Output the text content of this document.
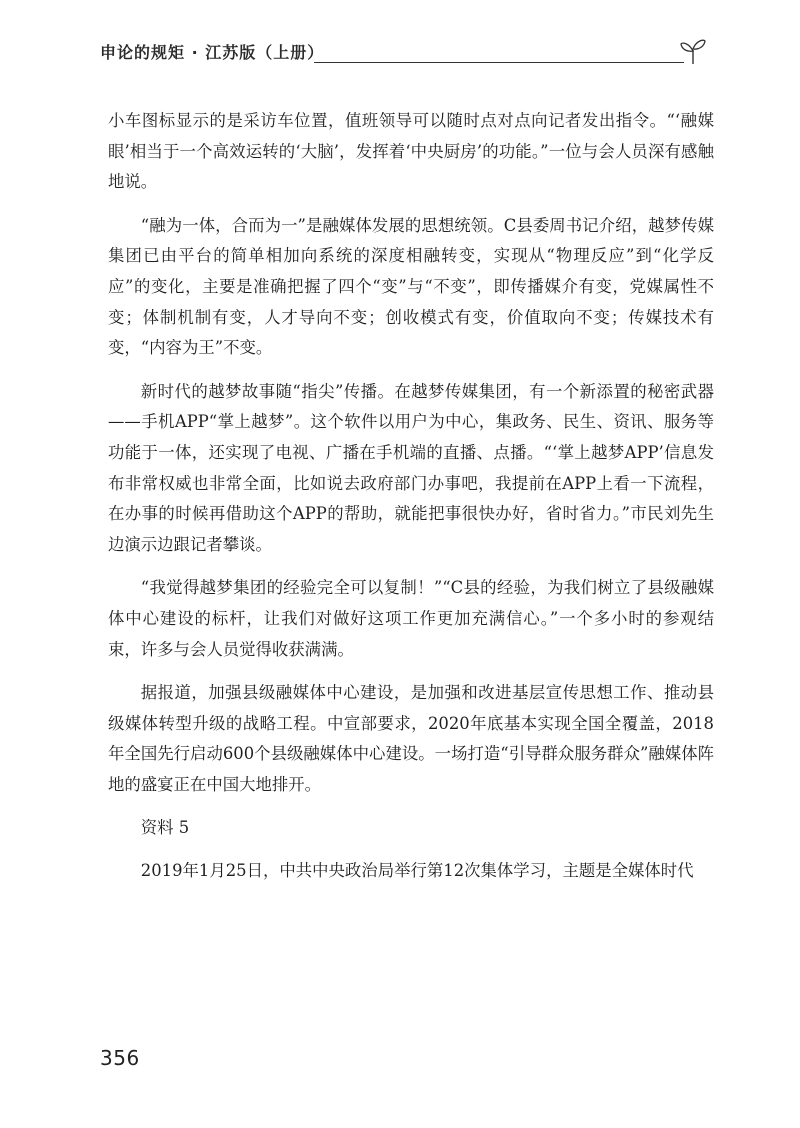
申论的规矩 · 江苏版（上册）

小车图标显示的是采访车位置，值班领导可以随时点对点向记者发出指令。“‘融媒眼’相当于一个高效运转的‘大脑’，发挥着‘中央厨房’的功能。”一位与会人员深有感触地说。

“融为一体，合而为一”是融媒体发展的思想统领。C县委周书记介绍，越梦传媒集团已由平台的简单相加向系统的深度相融转变，实现从“物理反应”到“化学反应”的变化，主要是准确把握了四个“变”与“不变”，即传播媒介有变，党媒属性不变；体制机制有变，人才导向不变；创收模式有变，价值取向不变；传媒技术有变，“内容为王”不变。

新时代的越梦故事随“指尖”传播。在越梦传媒集团，有一个新添置的秘密武器——手机APP“掌上越梦”。这个软件以用户为中心，集政务、民生、资讯、服务等功能于一体，还实现了电视、广播在手机端的直播、点播。“‘掌上越梦APP’信息发布非常权威也非常全面，比如说去政府部门办事吧，我提前在APP上看一下流程，在办事的时候再借助这个APP的帮助，就能把事很快办好，省时省力。”市民刘先生边演示边跟记者攀谈。

“我觉得越梦集团的经验完全可以复制！”“C县的经验，为我们树立了县级融媒体中心建设的标杆，让我们对做好这项工作更加充满信心。”一个多小时的参观结束，许多与会人员觉得收获满满。

据报道，加强县级融媒体中心建设，是加强和改进基层宣传思想工作、推动县级媒体转型升级的战略工程。中宣部要求，2020年底基本实现全国全覆盖，2018年全国先行启动600个县级融媒体中心建设。一场打造“引导群众服务群众”融媒体阵地的盛宴正在中国大地排开。

资料 5

2019年1月25日，中共中央政治局举行第12次集体学习，主题是全媒体时代

356
